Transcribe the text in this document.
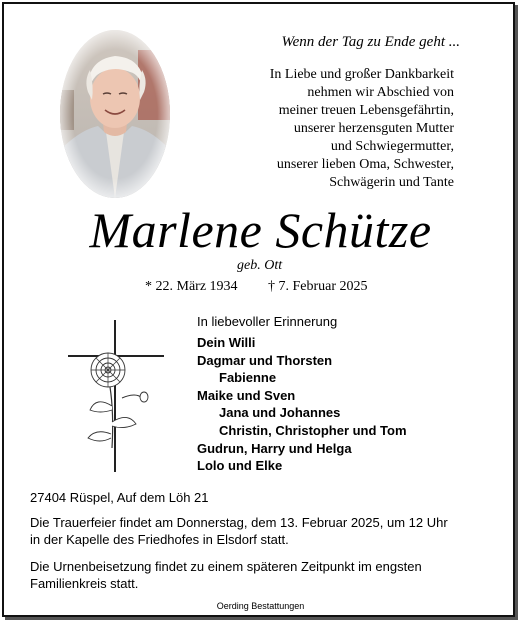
Wenn der Tag zu Ende geht ...
In Liebe und großer Dankbarkeit
nehmen wir Abschied von
meiner treuen Lebensgefährtin,
unserer herzensguten Mutter
und Schwiegermutter,
unserer lieben Oma, Schwester,
Schwägerin und Tante
Marlene Schütze
geb. Ott
* 22. März 1934 † 7. Februar 2025
In liebevoller Erinnerung
Dein Willi
Dagmar und Thorsten
Fabienne
Maike und Sven
Jana und Johannes
Christin, Christopher und Tom
Gudrun, Harry und Helga
Lolo und Elke
27404 Rüspel, Auf dem Löh 21
Die Trauerfeier findet am Donnerstag, dem 13. Februar 2025, um 12 Uhr
in der Kapelle des Friedhofes in Elsdorf statt.
Die Urnenbeisetzung findet zu einem späteren Zeitpunkt im engsten
Familienkreis statt.
Oerding Bestattungen
